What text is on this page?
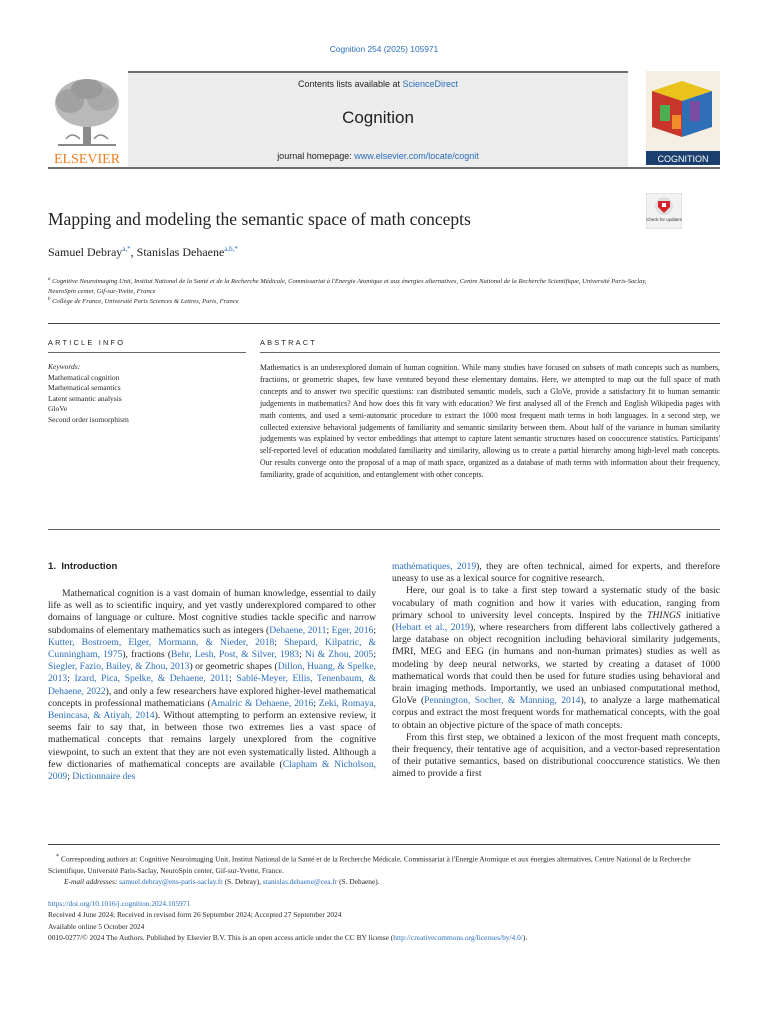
Cognition 254 (2025) 105971
Contents lists available at ScienceDirect
Cognition
journal homepage: www.elsevier.com/locate/cognit
ELSEVIER	COGNITION
Mapping and modeling the semantic space of math concepts	Check for updates
Samuel Debray$^{a,*}$, Stanislas Dehaene$^{a,b,*}$
$^a$ Cognitive Neuroimaging Unit, Institut National de la Santé et de la Recherche Médicale, Commissariat à l'Energie Atomique et aux énergies alternatives, Centre National de la Recherche Scientifique, Université Paris-Saclay, NeuroSpin center, Gif-sur-Yvette, France
$^b$ Collège de France, Université Paris Sciences & Lettres, Paris, France
ARTICLE INFO	ABSTRACT
Keywords:
Mathematical cognition
Mathematical semantics
Latent semantic analysis
GloVe
Second order isomorphism
Mathematics is an underexplored domain of human cognition. While many studies have focused on subsets of math concepts such as numbers, fractions, or geometric shapes, few have ventured beyond these elementary domains. Here, we attempted to map out the full space of math concepts and to answer two specific questions: can distributed semantic models, such a GloVe, provide a satisfactory fit to human semantic judgements in mathematics? And how does this fit vary with education? We first analysed all of the French and English Wikipedia pages with math contents, and used a semi-automatic procedure to extract the 1000 most frequent math terms in both languages. In a second step, we collected extensive behavioral judgements of familiarity and semantic similarity between them. About half of the variance in human similarity judgements was explained by vector embeddings that attempt to capture latent semantic structures based on cooccurence statistics. Participants' self-reported level of education modulated familiarity and similarity, allowing us to create a partial hierarchy among high-level math concepts. Our results converge onto the proposal of a map of math space, organized as a database of math terms with information about their frequency, familiarity, grade of acquisition, and entanglement with other concepts.
1. Introduction

Mathematical cognition is a vast domain of human knowledge, essential to daily life as well as to scientific inquiry, and yet vastly underexplored compared to other domains of language or culture. Most cognitive studies tackle specific and narrow subdomains of elementary mathematics such as integers (Dehaene, 2011; Eger, 2016; Kutter, Bostroem, Elger, Mormann, & Nieder, 2018; Shepard, Kilpatric, & Cunningham, 1975), fractions (Behr, Lesh, Post, & Silver, 1983; Ni & Zhou, 2005; Siegler, Fazio, Bailey, & Zhou, 2013) or geometric shapes (Dillon, Huang, & Spelke, 2013; Izard, Pica, Spelke, & Dehaene, 2011; Sablé-Meyer, Ellis, Tenenbaum, & Dehaene, 2022), and only a few researchers have explored higher-level mathematical concepts in professional mathematicians (Amalric & Dehaene, 2016; Zeki, Romaya, Benincasa, & Atiyah, 2014). Without attempting to perform an extensive review, it seems fair to say that, in between those two extremes lies a vast space of mathematical concepts that remains largely unexplored from the cognitive viewpoint, to such an extent that they are not even systematically listed. Although a few dictionaries of mathematical concepts are available (Clapham & Nicholson, 2009; Dictionnaire des

mathématiques, 2019), they are often technical, aimed for experts, and therefore uneasy to use as a lexical source for cognitive research.

Here, our goal is to take a first step toward a systematic study of the basic vocabulary of math cognition and how it varies with education, ranging from primary school to university level concepts. Inspired by the THINGS initiative (Hebart et al., 2019), where researchers from different labs collectively gathered a large database on object recognition including behavioral similarity judgements, fMRI, MEG and EEG (in humans and non-human primates) studies as well as modeling by deep neural networks, we started by creating a dataset of 1000 mathematical words that could then be used for future studies using behavioral and brain imaging methods. Importantly, we used an unbiased computational method, GloVe (Pennington, Socher, & Manning, 2014), to analyze a large mathematical corpus and extract the most frequent words for mathematical concepts, with the goal to obtain an objective picture of the space of math concepts.

From this first step, we obtained a lexicon of the most frequent math concepts, their frequency, their tentative age of acquisition, and a vector-based representation of their putative semantics, based on distributional cooccurence statistics. We then aimed to provide a first

* Corresponding authors at: Cognitive Neuroimaging Unit, Institut National de la Santé et de la Recherche Médicale, Commissariat à l'Energie Atomique et aux énergies alternatives, Centre National de la Recherche Scientifique, Université Paris-Saclay, NeuroSpin center, Gif-sur-Yvette, France.

E-mail addresses: samuel.debray@ens-paris-saclay.fr (S. Debray), stanislas.dehaene@cea.fr (S. Dehaene).

https://doi.org/10.1016/j.cognition.2024.105971
Received 4 June 2024; Received in revised form 26 September 2024; Accepted 27 September 2024
Available online 5 October 2024
0010-0277/© 2024 The Authors. Published by Elsevier B.V. This is an open access article under the CC BY license (http://creativecommons.org/licenses/by/4.0/).
